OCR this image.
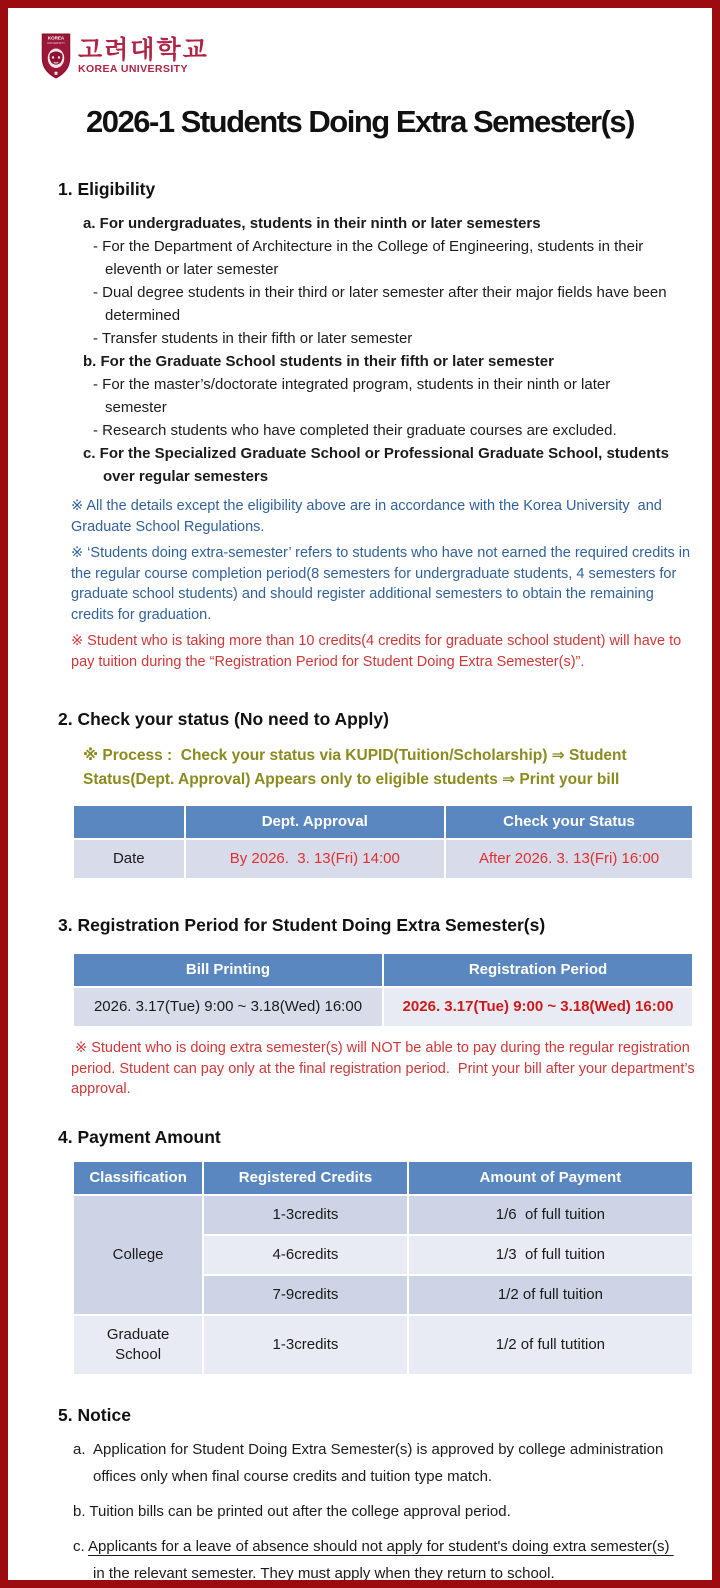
KOREA
UNIVERSITY 고려대학교
KOREA UNIVERSITY
2026-1 Students Doing Extra Semester(s)
1. Eligibility
a. For undergraduates, students in their ninth or later semesters
- For the Department of Architecture in the College of Engineering, students in their eleventh or later semester
- Dual degree students in their third or later semester after their major fields have been determined
- Transfer students in their fifth or later semester
b. For the Graduate School students in their fifth or later semester
- For the master’s/doctorate integrated program, students in their ninth or later semester
- Research students who have completed their graduate courses are excluded.
c. For the Specialized Graduate School or Professional Graduate School, students over regular semesters
※ All the details except the eligibility above are in accordance with the Korea University  and Graduate School Regulations.
※ ‘Students doing extra-semester’ refers to students who have not earned the required credits in the regular course completion period(8 semesters for undergraduate students, 4 semesters for graduate school students) and should register additional semesters to obtain the remaining credits for graduation.
※ Student who is taking more than 10 credits(4 credits for graduate school student) will have to pay tuition during the “Registration Period for Student Doing Extra Semester(s)”.
2. Check your status (No need to Apply)
※ Process :  Check your status via KUPID(Tuition/Scholarship) ⇒ Student Status(Dept. Approval) Appears only to eligible students ⇒ Print your bill
	Dept. Approval	Check your Status
Date	By 2026.  3. 13(Fri) 14:00	After 2026. 3. 13(Fri) 16:00
3. Registration Period for Student Doing Extra Semester(s)
Bill Printing	Registration Period
2026. 3.17(Tue) 9:00 ~ 3.18(Wed) 16:00	2026. 3.17(Tue) 9:00 ~ 3.18(Wed) 16:00
※ Student who is doing extra semester(s) will NOT be able to pay during the regular registration period. Student can pay only at the final registration period.  Print your bill after your department’s approval.
4. Payment Amount
Classification	Registered Credits	Amount of Payment
College	1-3credits	1/6  of full tuition
	4-6credits	1/3  of full tuition
	7-9credits	1/2 of full tuition
Graduate School	1-3credits	1/2 of full tutition
5. Notice
a.  Application for Student Doing Extra Semester(s) is approved by college administration offices only when final course credits and tuition type match.
b. Tuition bills can be printed out after the college approval period.
c. Applicants for a leave of absence should not apply for student's doing extra semester(s) in the relevant semester. They must apply when they return to school.
